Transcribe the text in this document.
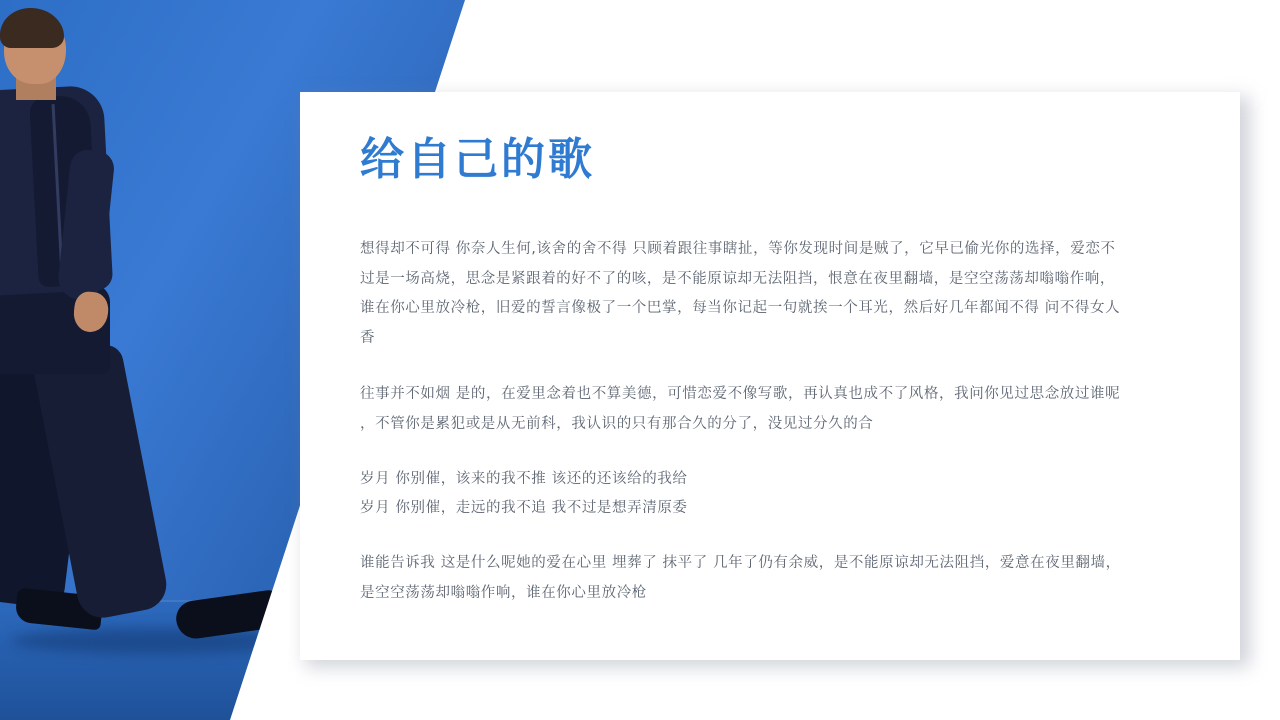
给自己的歌

想得却不可得 你奈人生何,该舍的舍不得 只顾着跟往事瞎扯，等你发现时间是贼了，它早已偷光你的选择，爱恋不
过是一场高烧，思念是紧跟着的好不了的咳，是不能原谅却无法阻挡，恨意在夜里翻墙，是空空荡荡却嗡嗡作响，
谁在你心里放冷枪，旧爱的誓言像极了一个巴掌，每当你记起一句就挨一个耳光，然后好几年都闻不得 问不得女人
香

往事并不如烟 是的，在爱里念着也不算美德，可惜恋爱不像写歌，再认真也成不了风格，我问你见过思念放过谁呢
，不管你是累犯或是从无前科，我认识的只有那合久的分了，没见过分久的合

岁月 你别催，该来的我不推 该还的还该给的我给
岁月 你别催，走远的我不追 我不过是想弄清原委

谁能告诉我 这是什么呢她的爱在心里 埋葬了 抹平了 几年了仍有余威，是不能原谅却无法阻挡，爱意在夜里翻墙，
是空空荡荡却嗡嗡作响，谁在你心里放冷枪
